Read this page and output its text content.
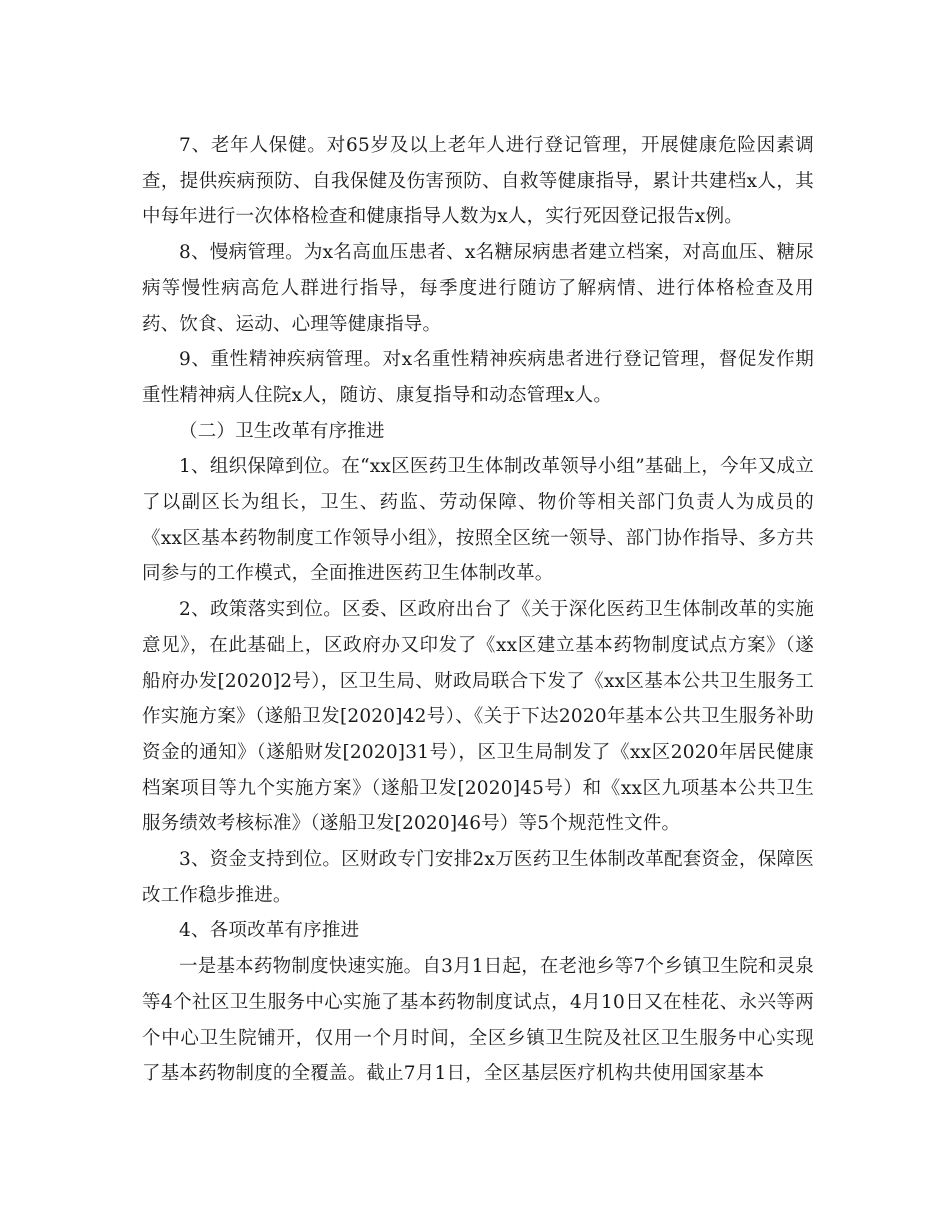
7、老年人保健。对65岁及以上老年人进行登记管理，开展健康危险因素调查，提供疾病预防、自我保健及伤害预防、自救等健康指导，累计共建档x人，其中每年进行一次体格检查和健康指导人数为x人，实行死因登记报告x例。

8、慢病管理。为x名高血压患者、x名糖尿病患者建立档案，对高血压、糖尿病等慢性病高危人群进行指导，每季度进行随访了解病情、进行体格检查及用药、饮食、运动、心理等健康指导。

9、重性精神疾病管理。对x名重性精神疾病患者进行登记管理，督促发作期重性精神病人住院x人，随访、康复指导和动态管理x人。

（二）卫生改革有序推进

1、组织保障到位。在“xx区医药卫生体制改革领导小组”基础上，今年又成立了以副区长为组长，卫生、药监、劳动保障、物价等相关部门负责人为成员的《xx区基本药物制度工作领导小组》，按照全区统一领导、部门协作指导、多方共同参与的工作模式，全面推进医药卫生体制改革。

2、政策落实到位。区委、区政府出台了《关于深化医药卫生体制改革的实施意见》，在此基础上，区政府办又印发了《xx区建立基本药物制度试点方案》（遂船府办发[2020]2号），区卫生局、财政局联合下发了《xx区基本公共卫生服务工作实施方案》（遂船卫发[2020]42号）、《关于下达2020年基本公共卫生服务补助资金的通知》（遂船财发[2020]31号），区卫生局制发了《xx区2020年居民健康档案项目等九个实施方案》（遂船卫发[2020]45号）和《xx区九项基本公共卫生服务绩效考核标准》（遂船卫发[2020]46号）等5个规范性文件。

3、资金支持到位。区财政专门安排2x万医药卫生体制改革配套资金，保障医改工作稳步推进。

4、各项改革有序推进

一是基本药物制度快速实施。自3月1日起，在老池乡等7个乡镇卫生院和灵泉等4个社区卫生服务中心实施了基本药物制度试点，4月10日又在桂花、永兴等两个中心卫生院铺开，仅用一个月时间，全区乡镇卫生院及社区卫生服务中心实现了基本药物制度的全覆盖。截止7月1日，全区基层医疗机构共使用国家基本
